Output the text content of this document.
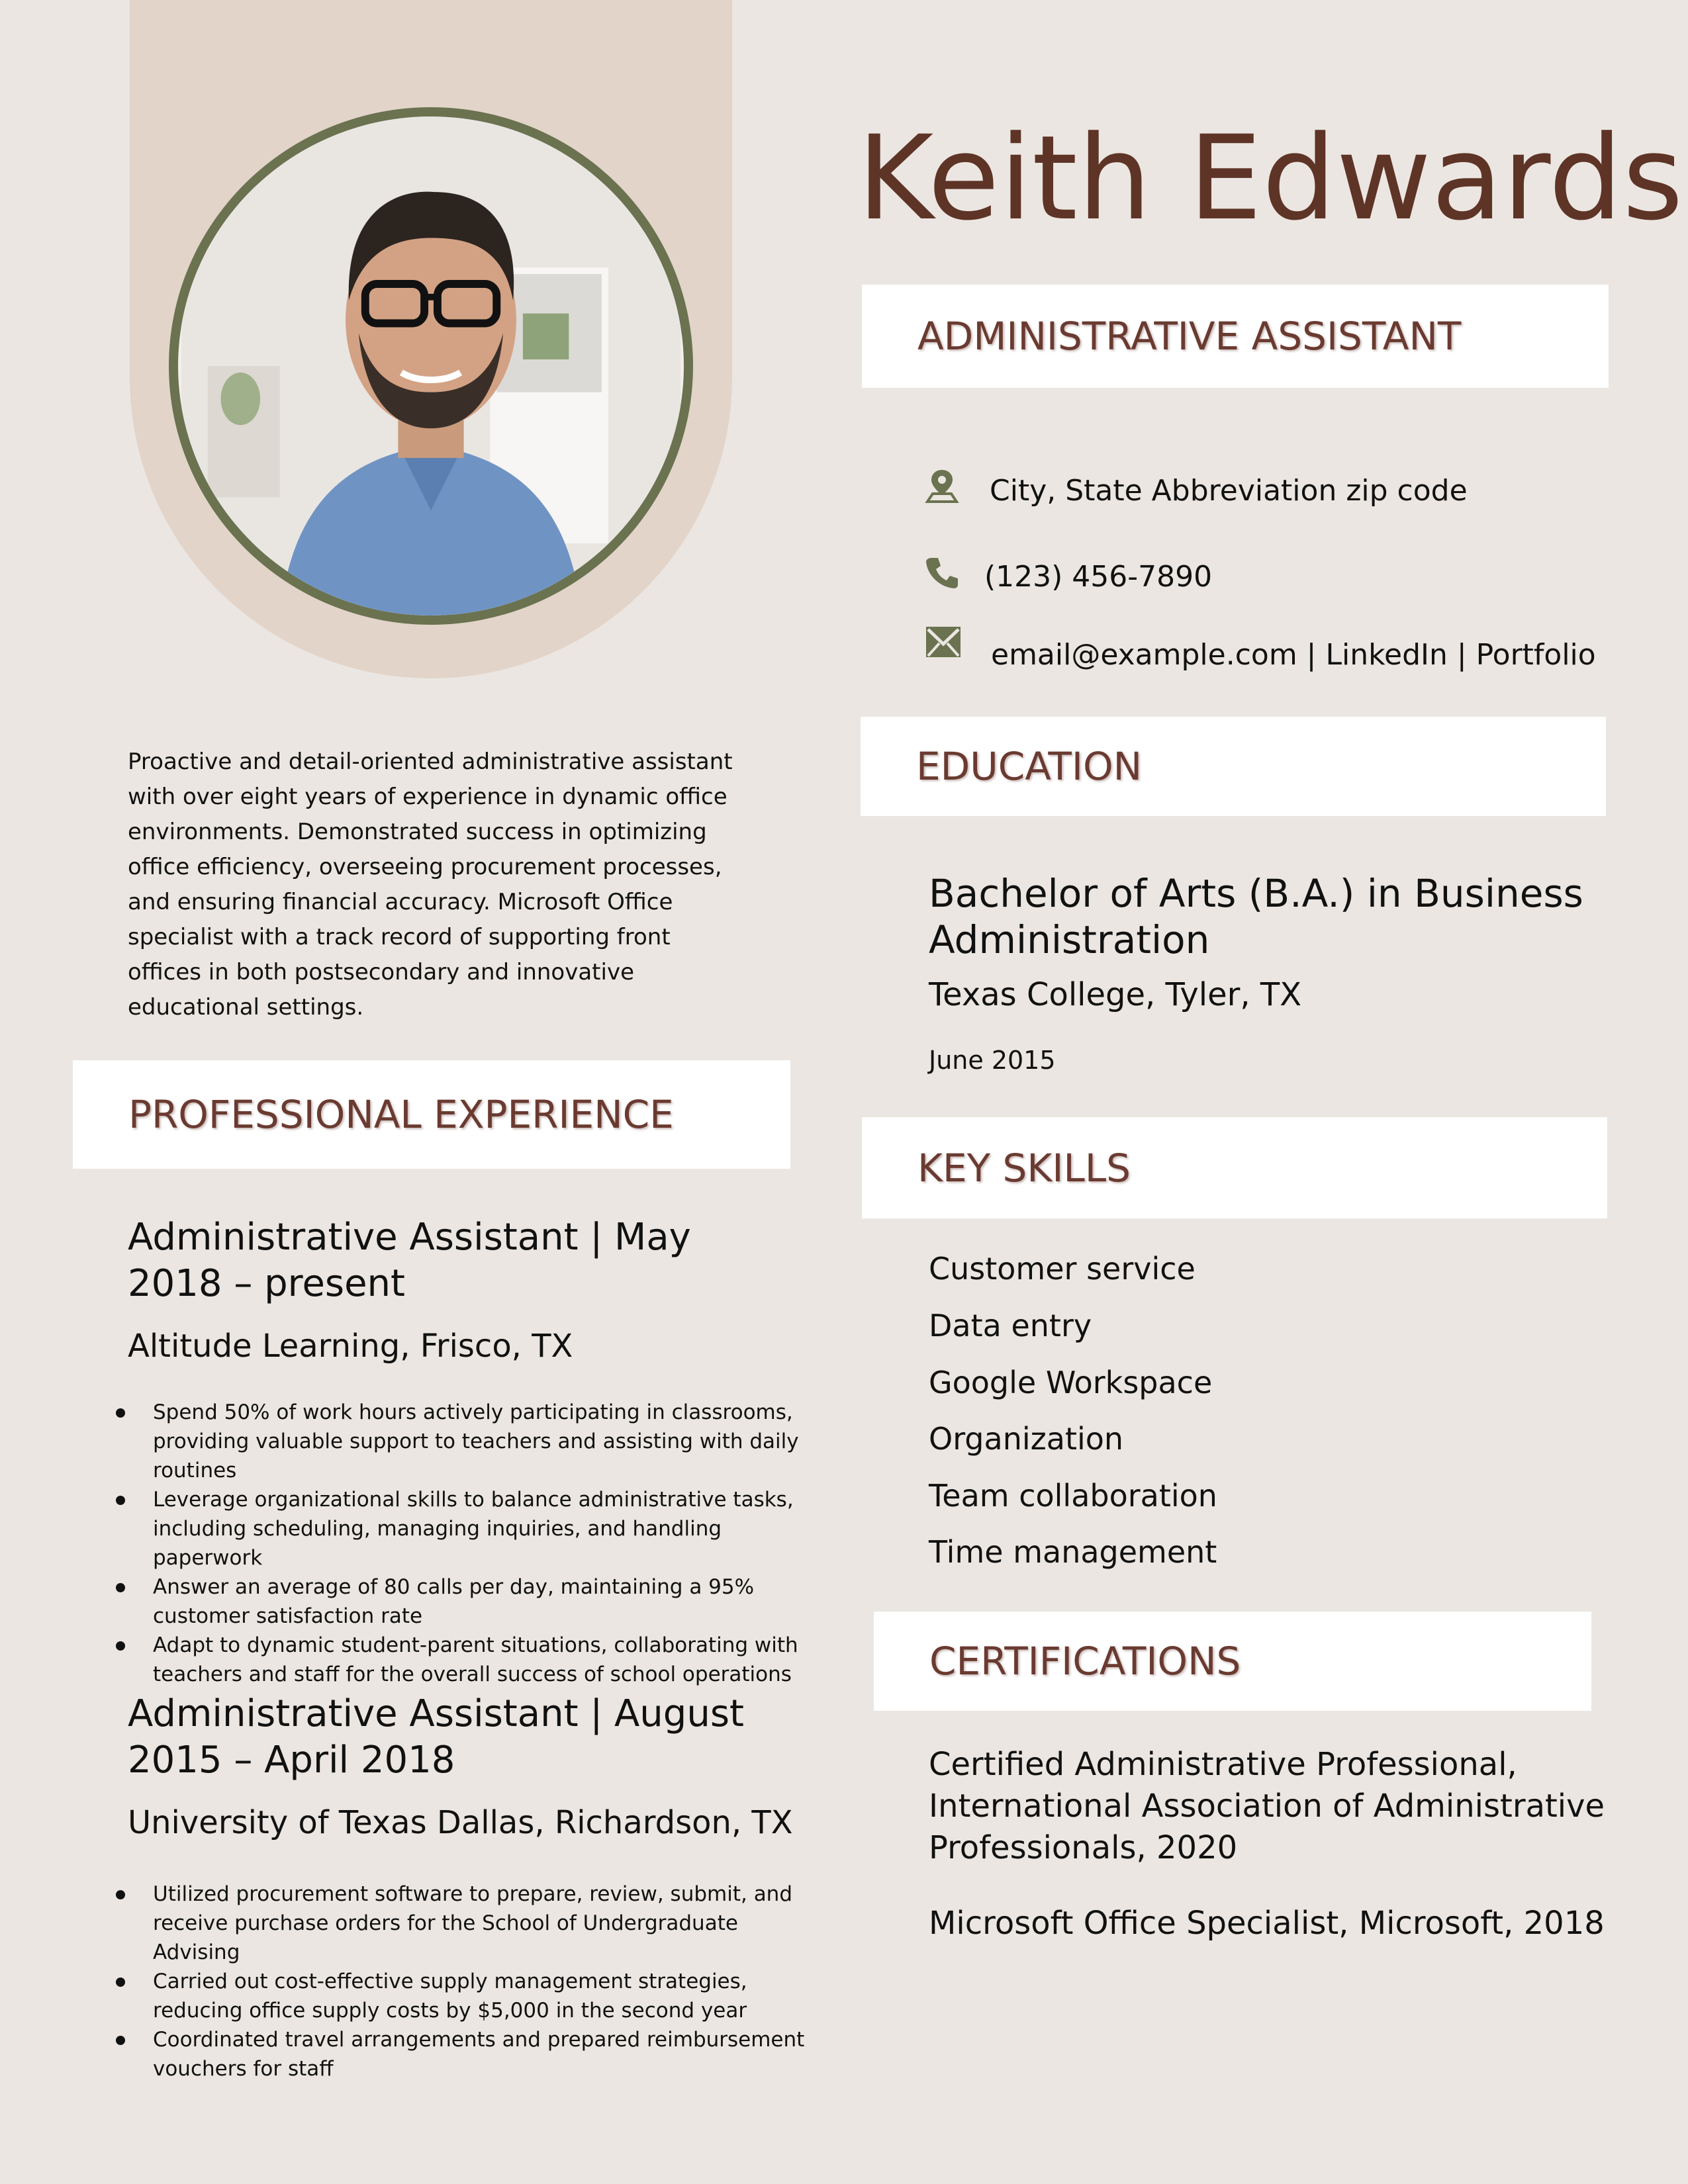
Keith Edwards
ADMINISTRATIVE ASSISTANT
City, State Abbreviation zip code
(123) 456-7890
email@example.com | LinkedIn | Portfolio
Proactive and detail-oriented administrative assistant with over eight years of experience in dynamic office environments. Demonstrated success in optimizing office efficiency, overseeing procurement processes, and ensuring financial accuracy. Microsoft Office specialist with a track record of supporting front offices in both postsecondary and innovative educational settings.
PROFESSIONAL EXPERIENCE
Administrative Assistant | May 2018 – present
Altitude Learning, Frisco, TX
Spend 50% of work hours actively participating in classrooms, providing valuable support to teachers and assisting with daily routines
Leverage organizational skills to balance administrative tasks, including scheduling, managing inquiries, and handling paperwork
Answer an average of 80 calls per day, maintaining a 95% customer satisfaction rate
Adapt to dynamic student-parent situations, collaborating with teachers and staff for the overall success of school operations
Administrative Assistant | August 2015 – April 2018
University of Texas Dallas, Richardson, TX
Utilized procurement software to prepare, review, submit, and receive purchase orders for the School of Undergraduate Advising
Carried out cost-effective supply management strategies, reducing office supply costs by $5,000 in the second year
Coordinated travel arrangements and prepared reimbursement vouchers for staff
EDUCATION
Bachelor of Arts (B.A.) in Business Administration
Texas College, Tyler, TX
June 2015
KEY SKILLS
Customer service
Data entry
Google Workspace
Organization
Team collaboration
Time management
CERTIFICATIONS
Certified Administrative Professional, International Association of Administrative Professionals, 2020
Microsoft Office Specialist, Microsoft, 2018
